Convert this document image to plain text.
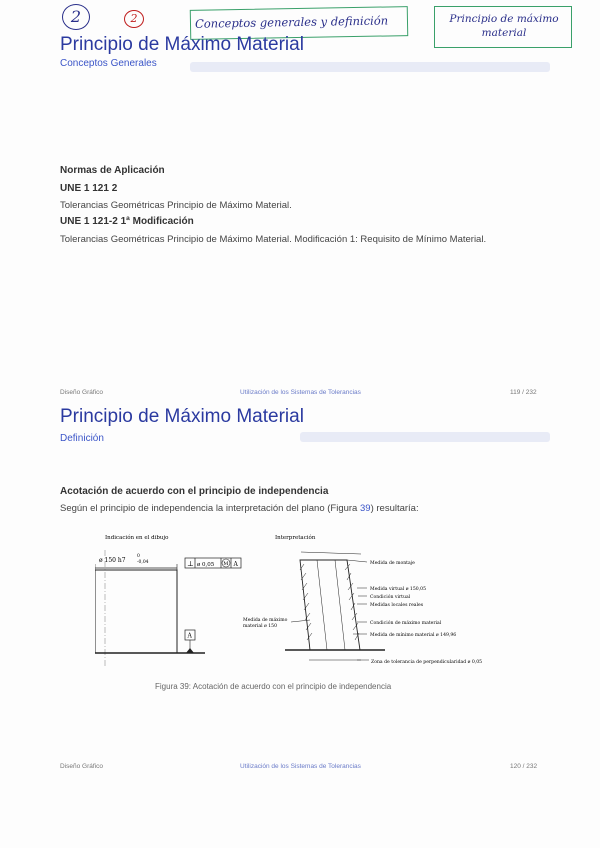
2	2	Conceptos generales y definición	Principio de máximo material
Principio de Máximo Material
Conceptos Generales
Normas de Aplicación
UNE 1 121 2
Tolerancias Geométricas Principio de Máximo Material.
UNE 1 121-2 1ª Modificación
Tolerancias Geométricas Principio de Máximo Material. Modificación 1: Requisito de Mínimo Material.
Diseño Gráfico	Utilización de los Sistemas de Tolerancias	119 / 232
Principio de Máximo Material
Definición
Acotación de acuerdo con el principio de independencia
Según el principio de independencia la interpretación del plano (Figura 39) resultaría:
Indicación en el dibujo
ø 150 h7
0
-0,04	⊥ ø 0,05 M A
A
Interpretación
Medida de montaje
Medida virtual ø 150,05
Condición virtual
Medidas locales reales
Condición de máximo material
Medida de mínimo material ø 149,96
Zona de tolerancia de perpendicularidad ø 0,05
Medida de máximo
material ø 150
Figura 39: Acotación de acuerdo con el principio de independencia
Diseño Gráfico	Utilización de los Sistemas de Tolerancias	120 / 232
